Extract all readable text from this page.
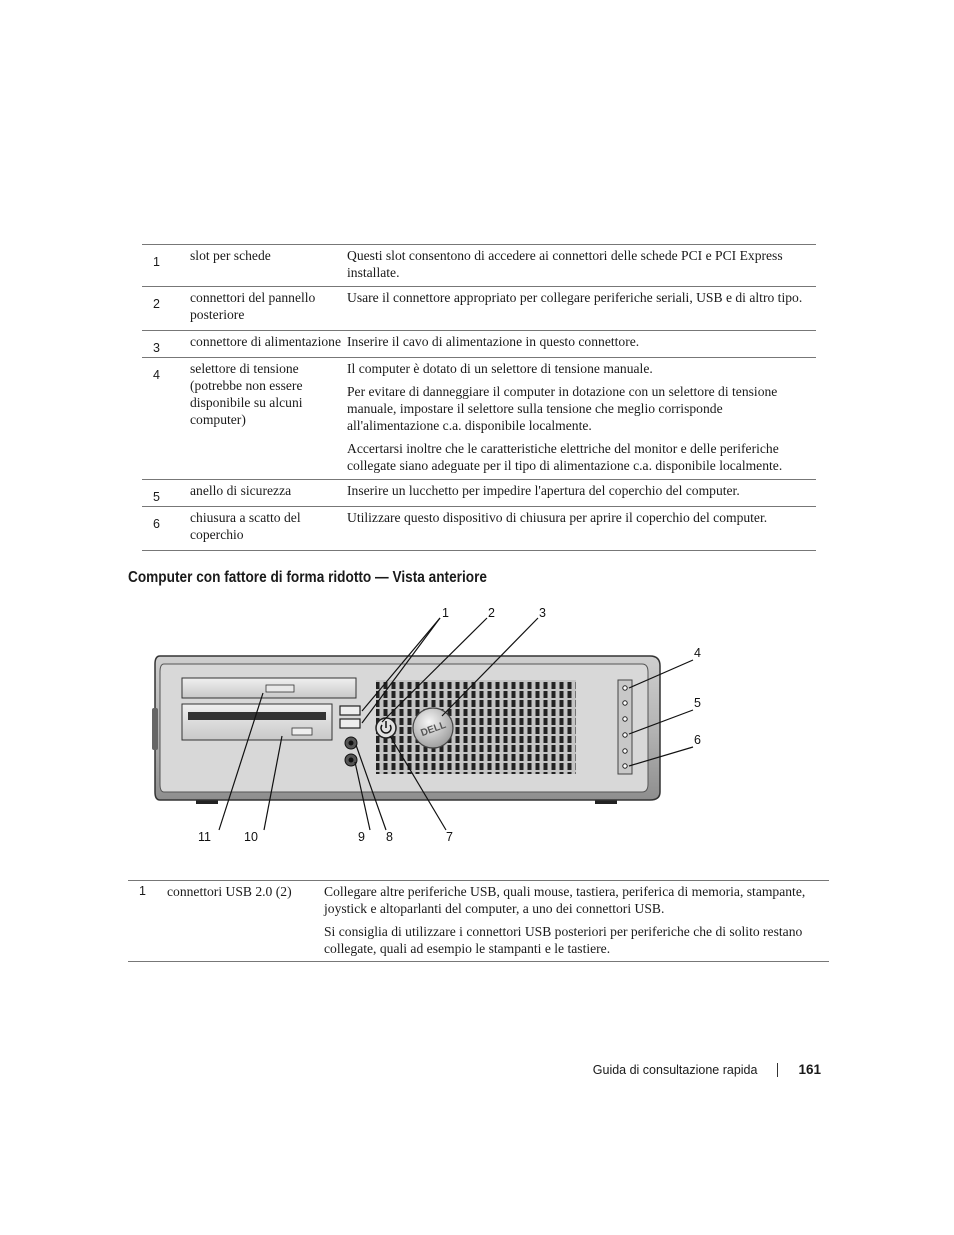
1	slot per schede	Questi slot consentono di accedere ai connettori delle schede PCI e PCI Express installate.

2	connettori del pannello posteriore	Usare il connettore appropriato per collegare periferiche seriali, USB e di altro tipo.

3	connettore di alimentazione	Inserire il cavo di alimentazione in questo connettore.

4	selettore di tensione (potrebbe non essere disponibile su alcuni computer)	Il computer è dotato di un selettore di tensione manuale.

Per evitare di danneggiare il computer in dotazione con un selettore di tensione manuale, impostare il selettore sulla tensione che meglio corrisponde all'alimentazione c.a. disponibile localmente.

Accertarsi inoltre che le caratteristiche elettriche del monitor e delle periferiche collegate siano adeguate per il tipo di alimentazione c.a. disponibile localmente.

5	anello di sicurezza	Inserire un lucchetto per impedire l'apertura del coperchio del computer.

6	chiusura a scatto del coperchio	Utilizzare questo dispositivo di chiusura per aprire il coperchio del computer.

Computer con fattore di forma ridotto — Vista anteriore
DELL
1	2	3
4
5
6
7
8
9
10
11
1	connettori USB 2.0 (2)	Collegare altre periferiche USB, quali mouse, tastiera, periferica di memoria, stampante, joystick e altoparlanti del computer, a uno dei connettori USB.

Si consiglia di utilizzare i connettori USB posteriori per periferiche che di solito restano collegate, quali ad esempio le stampanti e le tastiere.

Guida di consultazione rapida	161
